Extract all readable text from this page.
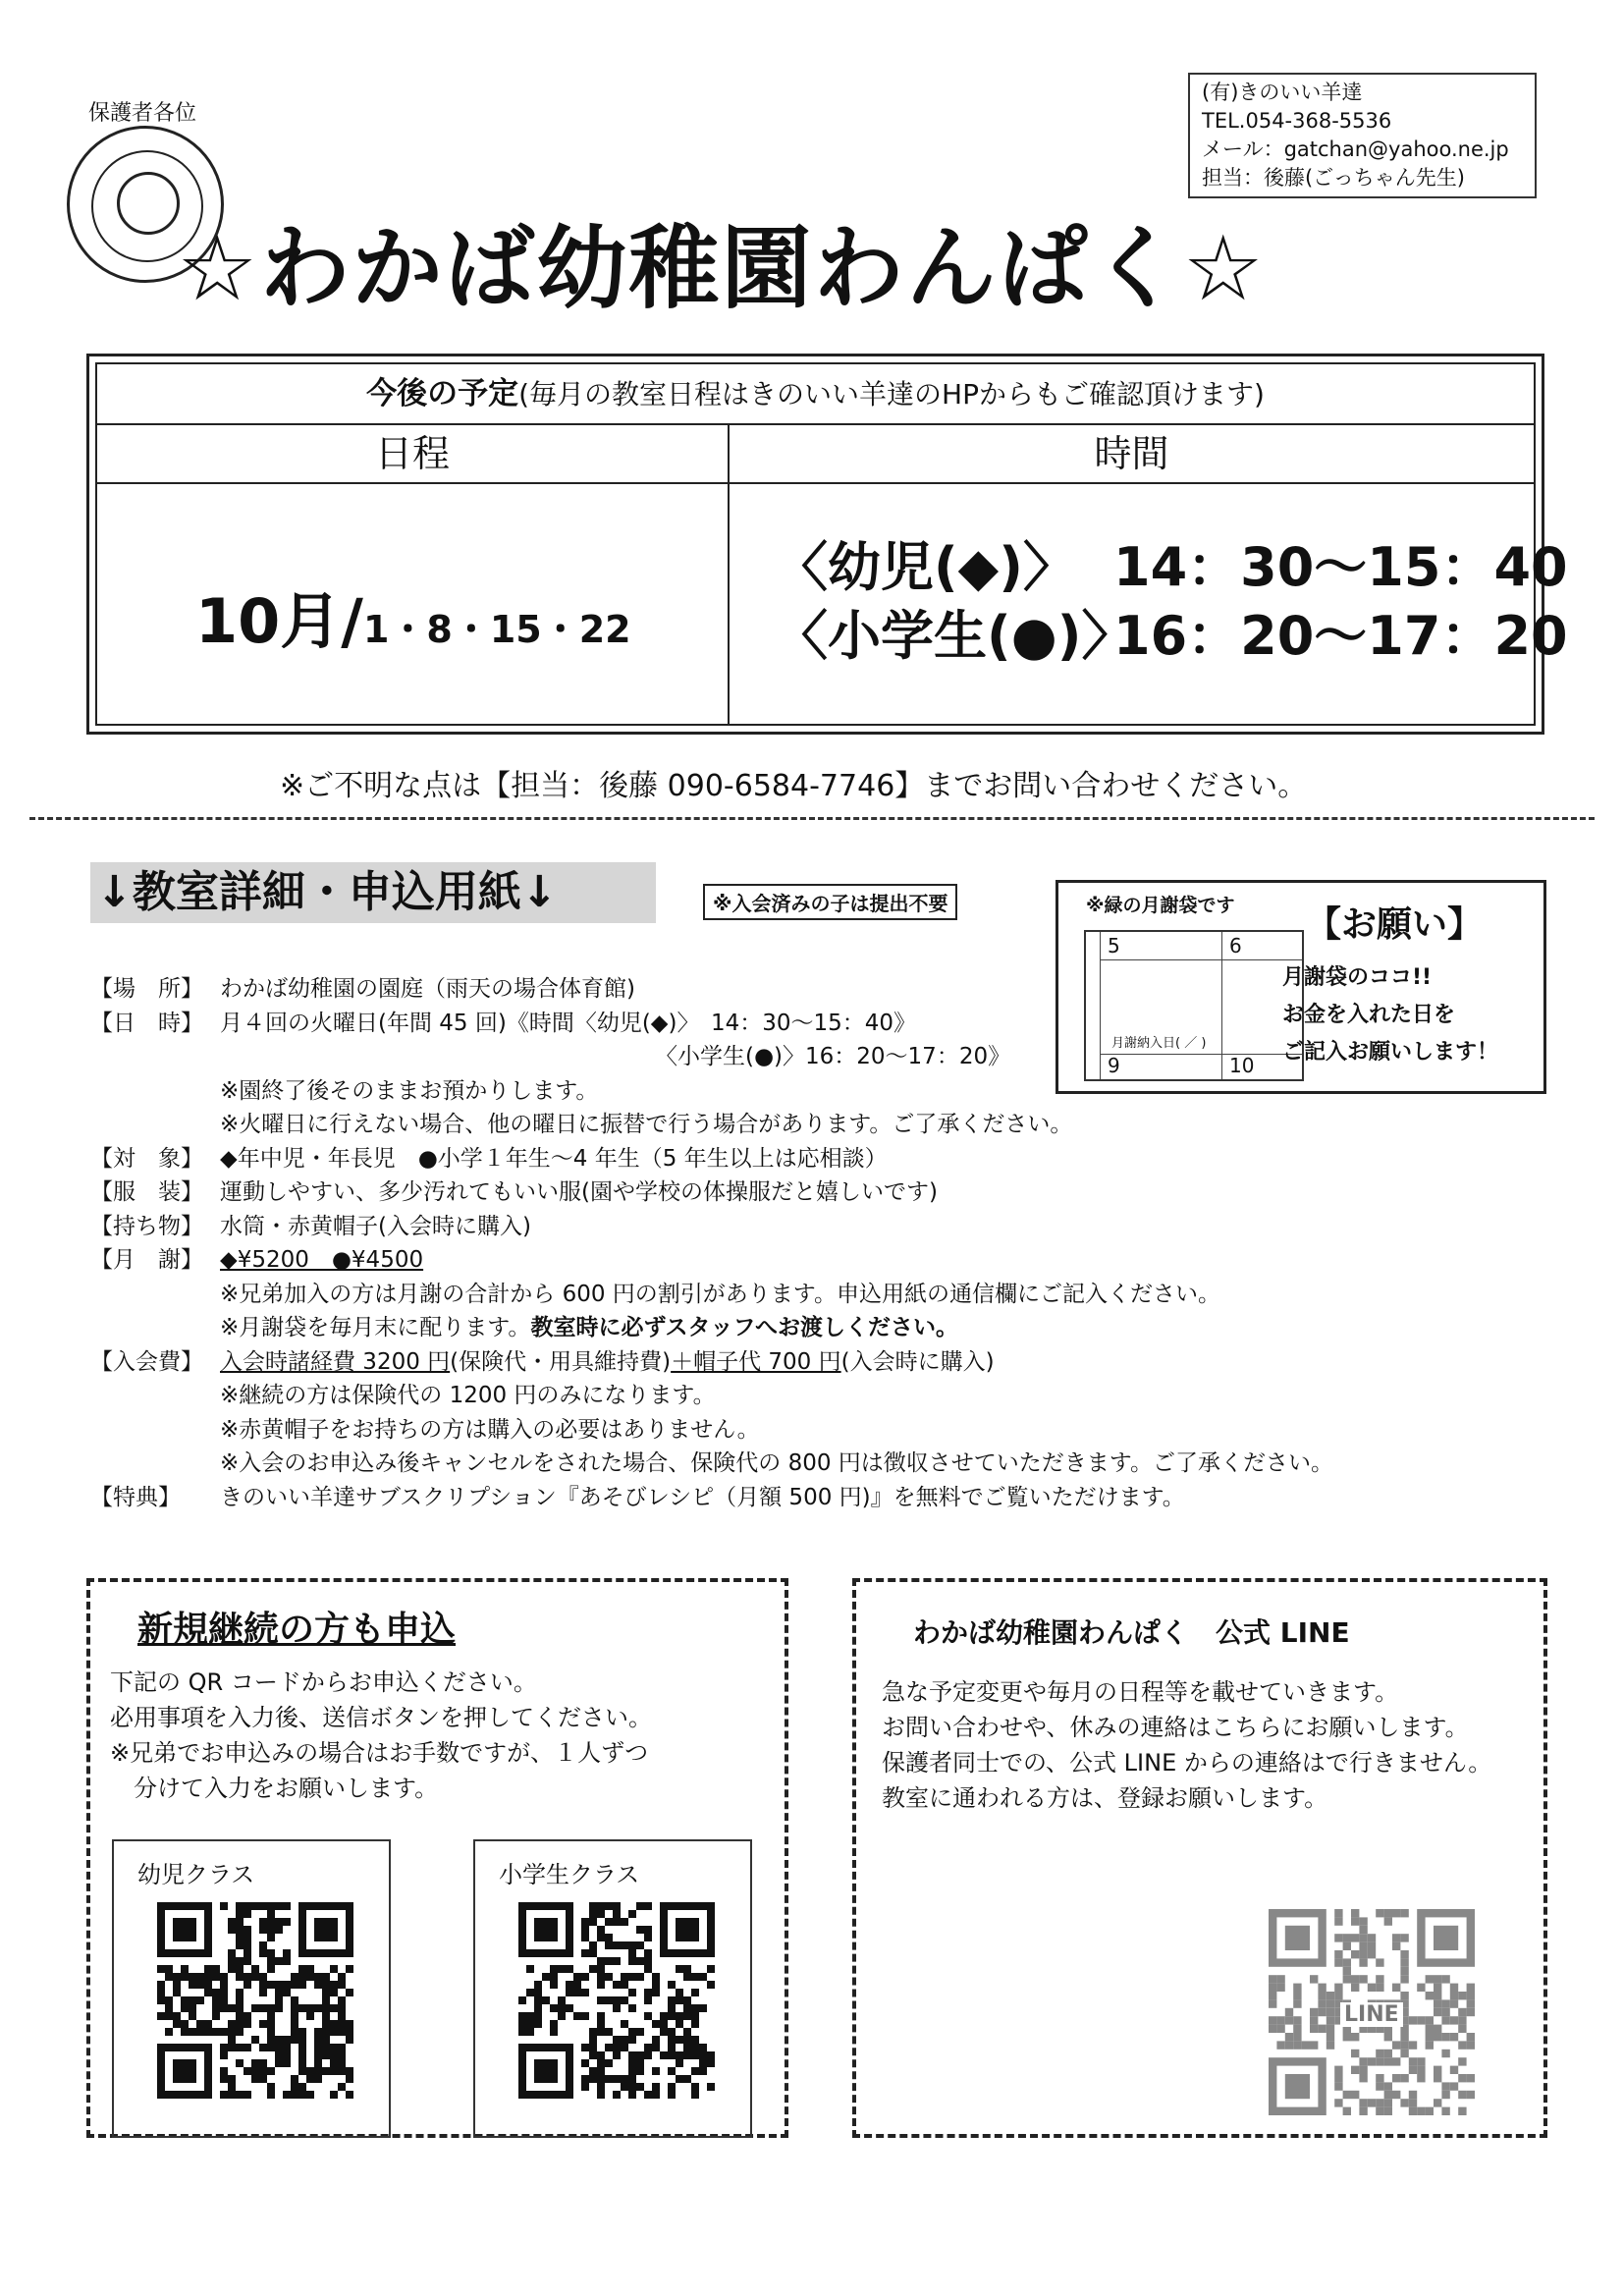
保護者各位
(有)きのいい羊達
TEL.054-368-5536
メール：gatchan@yahoo.ne.jp
担当：後藤(ごっちゃん先生)
☆わかば幼稚園わんぱく☆
今後の予定(毎月の教室日程はきのいい羊達のHPからもご確認頂けます)
日程	時間
10月/1・8・15・22
〈幼児(◆)〉 14：30〜15：40
〈小学生(●)〉16：20〜17：20
※ご不明な点は【担当：後藤 090-6584-7746】までお問い合わせください。
↓教室詳細・申込用紙↓	※入会済みの子は提出不要	※緑の月謝袋です
5	6
9	10
月謝納入日( ／ )
【お願い】
月謝袋のココ!!
お金を入れた日を
ご記入お願いします！
【場　所】 わかば幼稚園の園庭（雨天の場合体育館)
【日　時】 月４回の火曜日(年間 45 回)《時間〈幼児(◆)〉　14：30〜15：40》
〈小学生(●)〉16：20〜17：20》
※園終了後そのままお預かりします。
※火曜日に行えない場合、他の曜日に振替で行う場合があります。ご了承ください。
【対　象】 ◆年中児・年長児　●小学１年生〜4 年生（5 年生以上は応相談）
【服　装】 運動しやすい、多少汚れてもいい服(園や学校の体操服だと嬉しいです)
【持ち物】 水筒・赤黄帽子(入会時に購入)
【月　謝】 ◆¥5200　●¥4500
※兄弟加入の方は月謝の合計から 600 円の割引があります。申込用紙の通信欄にご記入ください。
※月謝袋を毎月末に配ります。 教室時に必ずスタッフへお渡しください。
【入会費】 入会時諸経費 3200 円 (保険代・用具維持費) ＋帽子代 700 円 (入会時に購入)
※継続の方は保険代の 1200 円のみになります。
※赤黄帽子をお持ちの方は購入の必要はありません。
※入会のお申込み後キャンセルをされた場合、保険代の 800 円は徴収させていただきます。ご了承ください。
【特典】	きのいい羊達サブスクリプション『あそびレシピ（月額 500 円)』を無料でご覧いただけます。
新規継続の方も申込
下記の QR コードからお申込ください。
必用事項を入力後、送信ボタンを押してください。
※兄弟でお申込みの場合はお手数ですが、１人ずつ
　分けて入力をお願いします。
幼児クラス	小学生クラス
わかば幼稚園わんぱく　公式 LINE

急な予定変更や毎月の日程等を載せていきます。

お問い合わせや、休みの連絡はこちらにお願いします。

保護者同士での、公式 LINE からの連絡はで行きません。

教室に通われる方は、登録お願いします。

LINE
